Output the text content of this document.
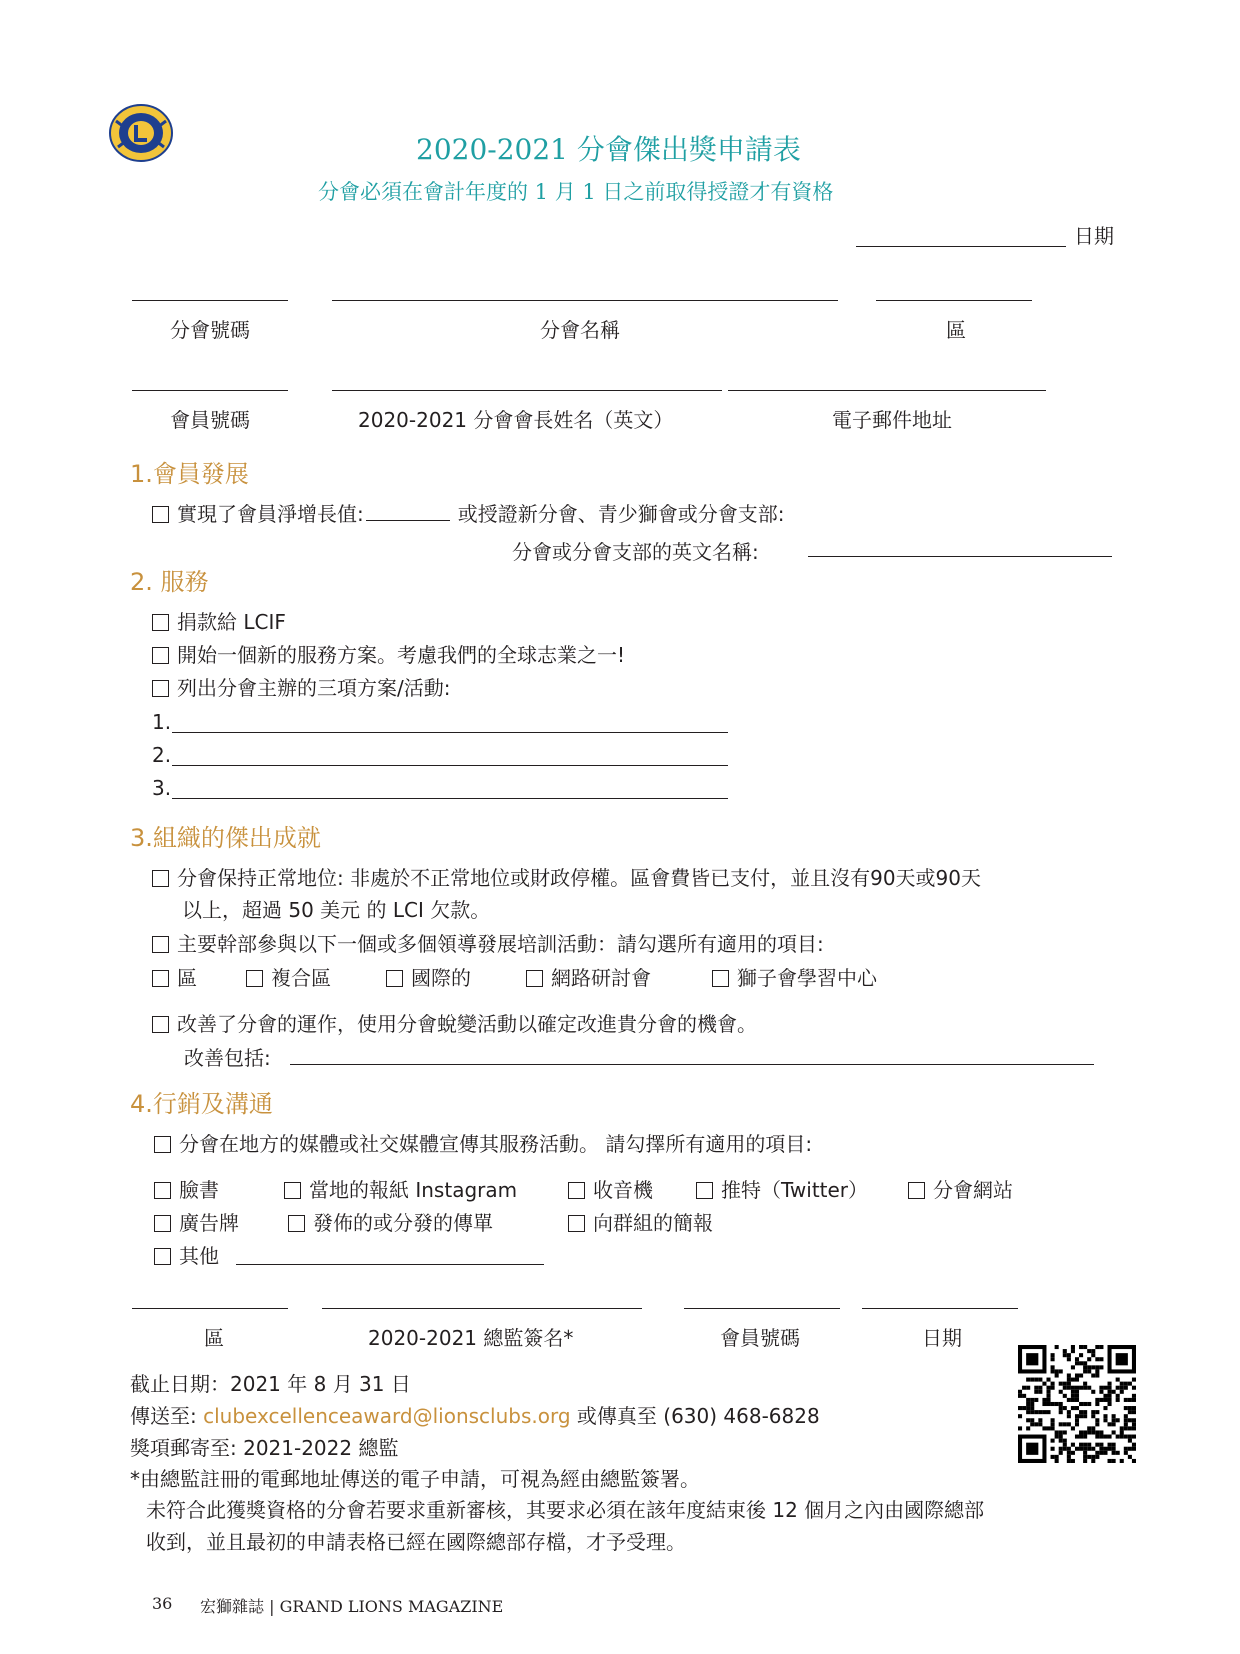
2020-2021 分會傑出獎申請表
分會必須在會計年度的 1 月 1 日之前取得授證才有資格
日期
分會號碼	分會名稱	區
會員號碼	2020-2021 分會會長姓名（英文）	電子郵件地址
1.會員發展
實現了會員淨增長值:	或授證新分會、青少獅會或分會支部:
分會或分會支部的英文名稱:
2. 服務
捐款給 LCIF
開始一個新的服務方案。考慮我們的全球志業之一!
列出分會主辦的三項方案/活動:
1.
2.
3.
3.組織的傑出成就
分會保持正常地位: 非處於不正常地位或財政停權。區會費皆已支付，並且沒有90天或90天
以上，超過 50 美元 的 LCI 欠款。
主要幹部參與以下一個或多個領導發展培訓活動：請勾選所有適用的項目:
區	複合區	國際的	網路研討會	獅子會學習中心
改善了分會的運作，使用分會蛻變活動以確定改進貴分會的機會。
改善包括:
4.行銷及溝通
分會在地方的媒體或社交媒體宣傳其服務活動。 請勾擇所有適用的項目:
臉書	當地的報紙 Instagram	收音機	推特（Twitter）	分會網站
廣告牌	發佈的或分發的傳單	向群組的簡報
其他
區	2020-2021 總監簽名*	會員號碼	日期
截止日期：2021 年 8 月 31 日
傳送至: clubexcellenceaward@lionsclubs.org 或傳真至 (630) 468-6828
獎項郵寄至: 2021-2022 總監
*由總監註冊的電郵地址傳送的電子申請，可視為經由總監簽署。
未符合此獲獎資格的分會若要求重新審核，其要求必須在該年度結束後 12 個月之內由國際總部
收到，並且最初的申請表格已經在國際總部存檔，才予受理。
36 宏獅雜誌 | GRAND LIONS MAGAZINE
